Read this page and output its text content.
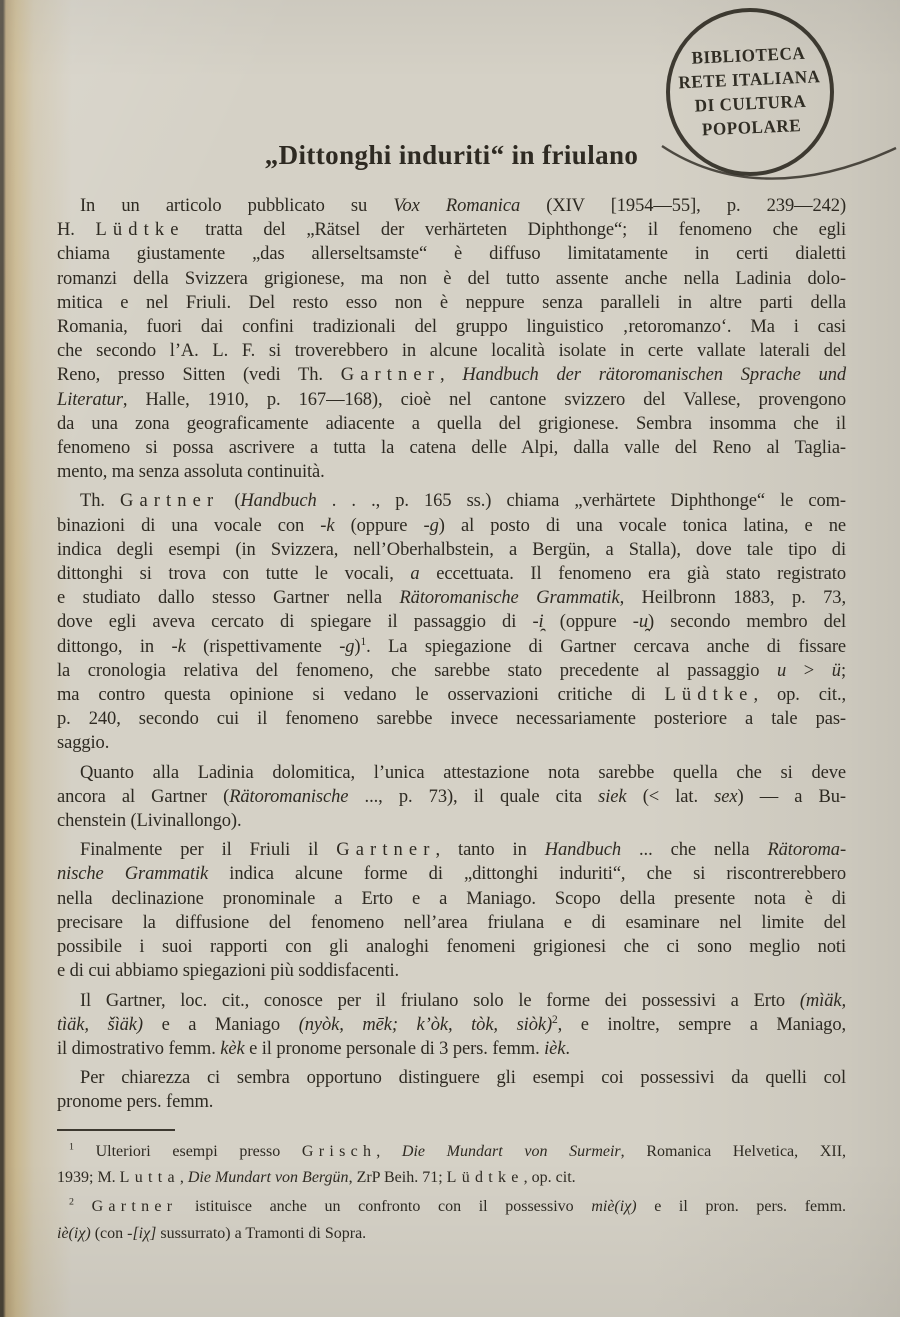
BIBLIOTECA
RETE ITALIANA
DI CULTURA
POPOLARE
„Dittonghi induriti“ in friulano
In un articolo pubblicato su Vox Romanica (XIV [1954—55], p. 239—242)
H. Lüdtke tratta del „Rätsel der verhärteten Diphthonge“; il fenomeno che egli
chiama giustamente „das allerseltsamste“ è diffuso limitatamente in certi dialetti
romanzi della Svizzera grigionese, ma non è del tutto assente anche nella Ladinia dolo-
mitica e nel Friuli. Del resto esso non è neppure senza paralleli in altre parti della
Romania, fuori dai confini tradizionali del gruppo linguistico ‚retoromanzo‘. Ma i casi
che secondo l’A. L. F. si troverebbero in alcune località isolate in certe vallate laterali del
Reno, presso Sitten (vedi Th. Gartner, Handbuch der rätoromanischen Sprache und
Literatur, Halle, 1910, p. 167—168), cioè nel cantone svizzero del Vallese, provengono
da una zona geograficamente adiacente a quella del grigionese. Sembra insomma che il
fenomeno si possa ascrivere a tutta la catena delle Alpi, dalla valle del Reno al Taglia-
mento, ma senza assoluta continuità.
Th. Gartner (Handbuch . . ., p. 165 ss.) chiama „verhärtete Diphthonge“ le com-
binazioni di una vocale con -k (oppure -g) al posto di una vocale tonica latina, e ne
indica degli esempi (in Svizzera, nell’Oberhalbstein, a Bergün, a Stalla), dove tale tipo di
dittonghi si trova con tutte le vocali, a eccettuata. Il fenomeno era già stato registrato
e studiato dallo stesso Gartner nella Rätoromanische Grammatik, Heilbronn 1883, p. 73,
dove egli aveva cercato di spiegare il passaggio di -i̯ (oppure -u̯) secondo membro del
dittongo, in -k (rispettivamente -g)$^1$. La spiegazione di Gartner cercava anche di fissare
la cronologia relativa del fenomeno, che sarebbe stato precedente al passaggio u > ü;
ma contro questa opinione si vedano le osservazioni critiche di Lüdtke, op. cit.,
p. 240, secondo cui il fenomeno sarebbe invece necessariamente posteriore a tale pas-
saggio.
Quanto alla Ladinia dolomitica, l’unica attestazione nota sarebbe quella che si deve
ancora al Gartner (Rätoromanische ..., p. 73), il quale cita siek (< lat. sex) — a Bu-
chenstein (Livinallongo).
Finalmente per il Friuli il Gartner, tanto in Handbuch ... che nella Rätoroma-
nische Grammatik indica alcune forme di „dittonghi induriti“, che si riscontrerebbero
nella declinazione pronominale a Erto e a Maniago. Scopo della presente nota è di
precisare la diffusione del fenomeno nell’area friulana e di esaminare nel limite del
possibile i suoi rapporti con gli analoghi fenomeni grigionesi che ci sono meglio noti
e di cui abbiamo spiegazioni più soddisfacenti.
Il Gartner, loc. cit., conosce per il friulano solo le forme dei possessivi a Erto (mìäk,
tìäk, šìäk) e a Maniago (nyòk, mēk; k’òk, tòk, siòk)$^2$, e inoltre, sempre a Maniago,
il dimostrativo femm. kèk e il pronome personale di 3 pers. femm. ièk.
Per chiarezza ci sembra opportuno distinguere gli esempi coi possessivi da quelli col
pronome pers. femm.
$^1$ Ulteriori esempi presso Grisch, Die Mundart von Surmeir, Romanica Helvetica, XII,
1939; M. Lutta, Die Mundart von Bergün, ZrP Beih. 71; Lüdtke, op. cit.
$^2$ Gartner istituisce anche un confronto con il possessivo miè(iχ) e il pron. pers. femm.
iè(iχ) (con -[iχ] sussurrato) a Tramonti di Sopra.
